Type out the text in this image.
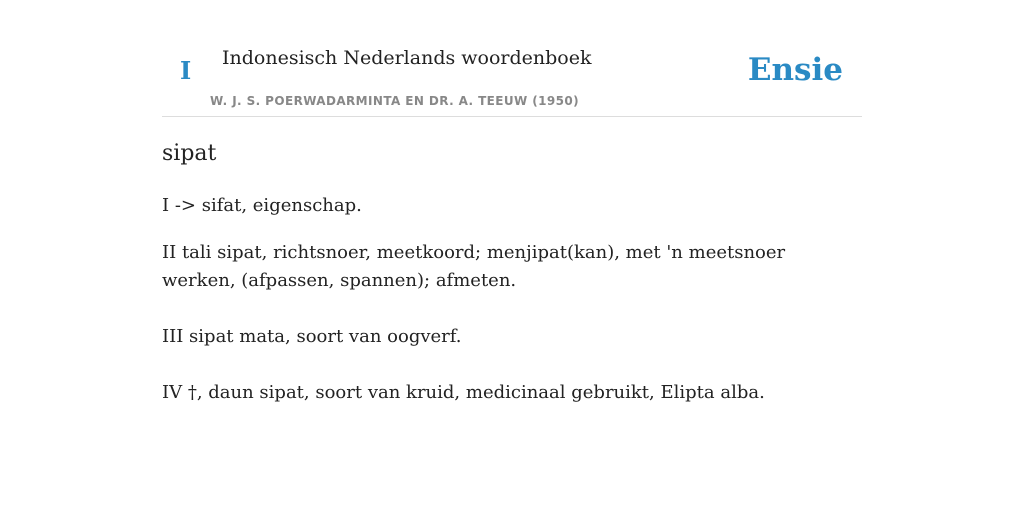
I Indonesisch Nederlands woordenboek
W. J. S. POERWADARMINTA EN DR. A. TEEUW (1950)
Ensie
sipat

I -> sifat, eigenschap.

II tali sipat, richtsnoer, meetkoord; menjipat(kan), met 'n meetsnoer werken, (afpassen, spannen); afmeten.

III sipat mata, soort van oogverf.

IV †, daun sipat, soort van kruid, medicinaal gebruikt, Elipta alba.
